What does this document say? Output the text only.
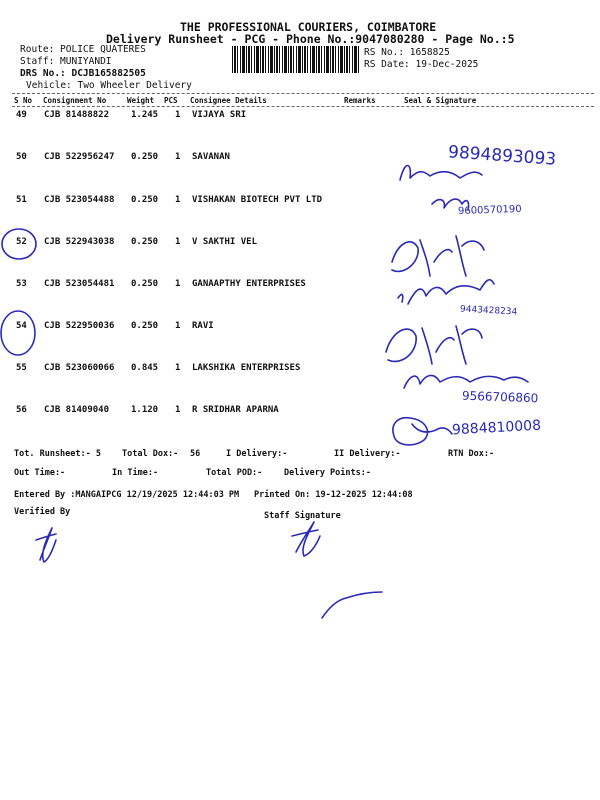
THE PROFESSIONAL COURIERS, COIMBATORE
Delivery Runsheet - PCG - Phone No.:9047080280 - Page No.:5
Route: POLICE QUATERES
Staff: MUNIYANDI
DRS No.: DCJB165882505
Vehicle: Two Wheeler Delivery
RS No.: 1658825
RS Date: 19-Dec-2025
S No Consignment No	Weight PCS Consignee Details	Remarks	Seal & Signature
49 CJB 81488822 1.245 1 VIJAYA SRI
50 CJB 522956247 0.250 1 SAVANAN
51 CJB 523054488 0.250 1 VISHAKAN BIOTECH PVT LTD
52 CJB 522943038 0.250 1 V SAKTHI VEL
53 CJB 523054481 0.250 1 GANAAPTHY ENTERPRISES
54 CJB 522950036 0.250 1 RAVI
55 CJB 523060066 0.845 1 LAKSHIKA ENTERPRISES
56 CJB 81409040 1.120 1 R SRIDHAR APARNA
9894893093
9600570190
9443428234
9566706860
9884810008
Tot. Runsheet:- 5 Total Dox:- 56	I Delivery:-	II Delivery:-	RTN Dox:-
Out Time:-	In Time:-	Total POD:-	Delivery Points:-
Entered By :MANGAIPCG 12/19/2025 12:44:03 PM Printed On: 19-12-2025 12:44:08
Verified By	Staff Signature
